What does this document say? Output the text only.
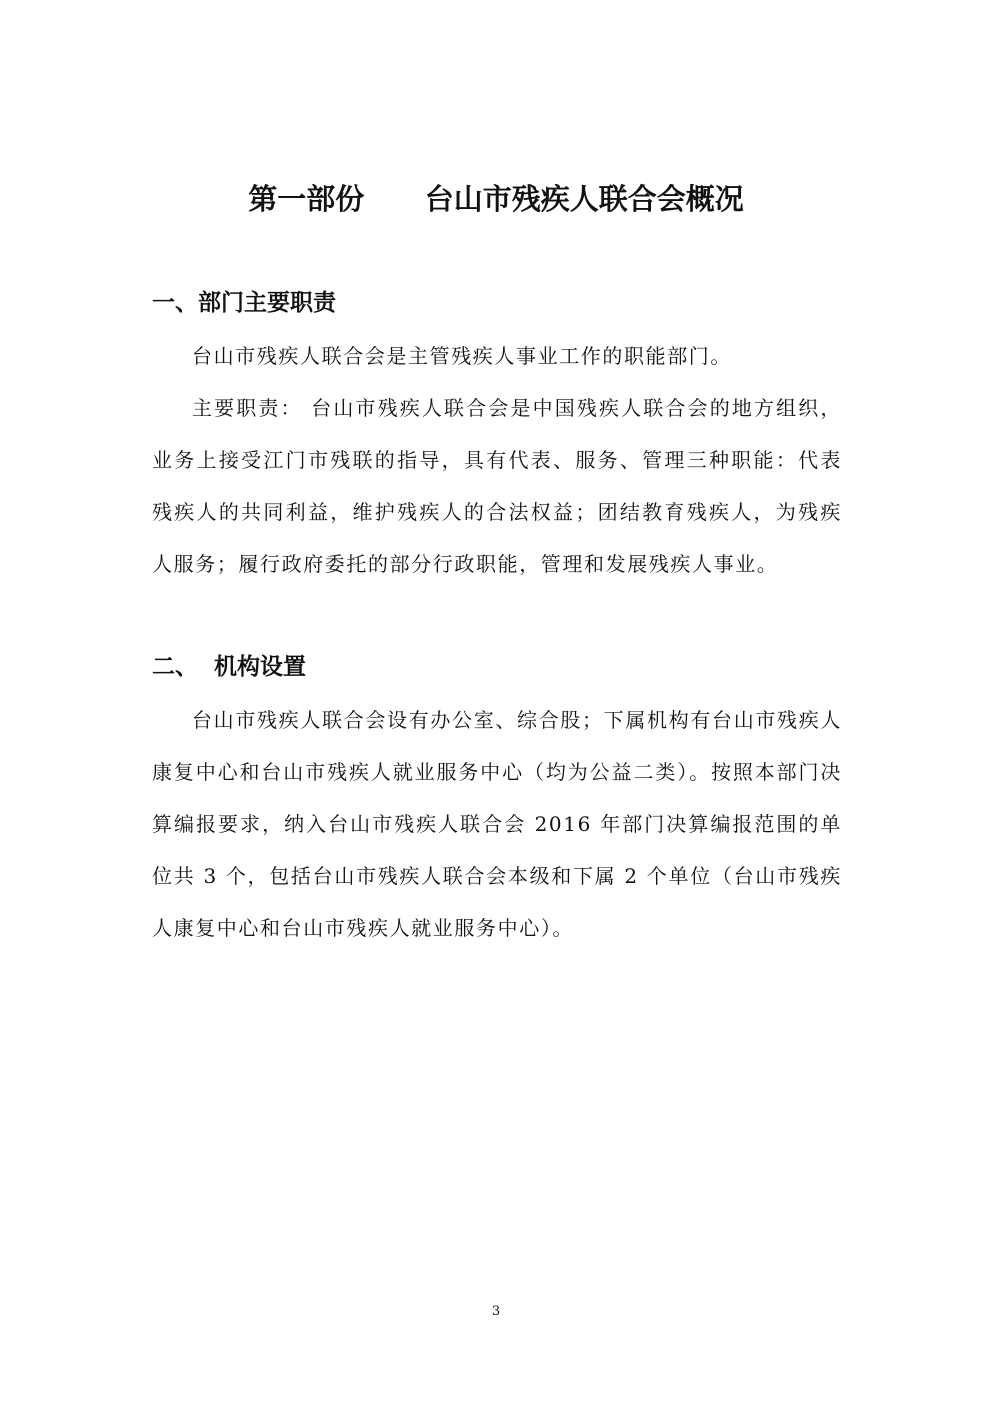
第一部份      台山市残疾人联合会概况
一、部门主要职责

台山市残疾人联合会是主管残疾人事业工作的职能部门。

主要职责： 台山市残疾人联合会是中国残疾人联合会的地方组织，业务上接受江门市残联的指导，具有代表、服务、管理三种职能：代表残疾人的共同利益，维护残疾人的合法权益；团结教育残疾人，为残疾人服务；履行政府委托的部分行政职能，管理和发展残疾人事业。

二、  机构设置

台山市残疾人联合会设有办公室、综合股；下属机构有台山市残疾人康复中心和台山市残疾人就业服务中心（均为公益二类）。按照本部门决算编报要求，纳入台山市残疾人联合会 2016 年部门决算编报范围的单位共 3 个，包括台山市残疾人联合会本级和下属 2 个单位（台山市残疾人康复中心和台山市残疾人就业服务中心）。

3
